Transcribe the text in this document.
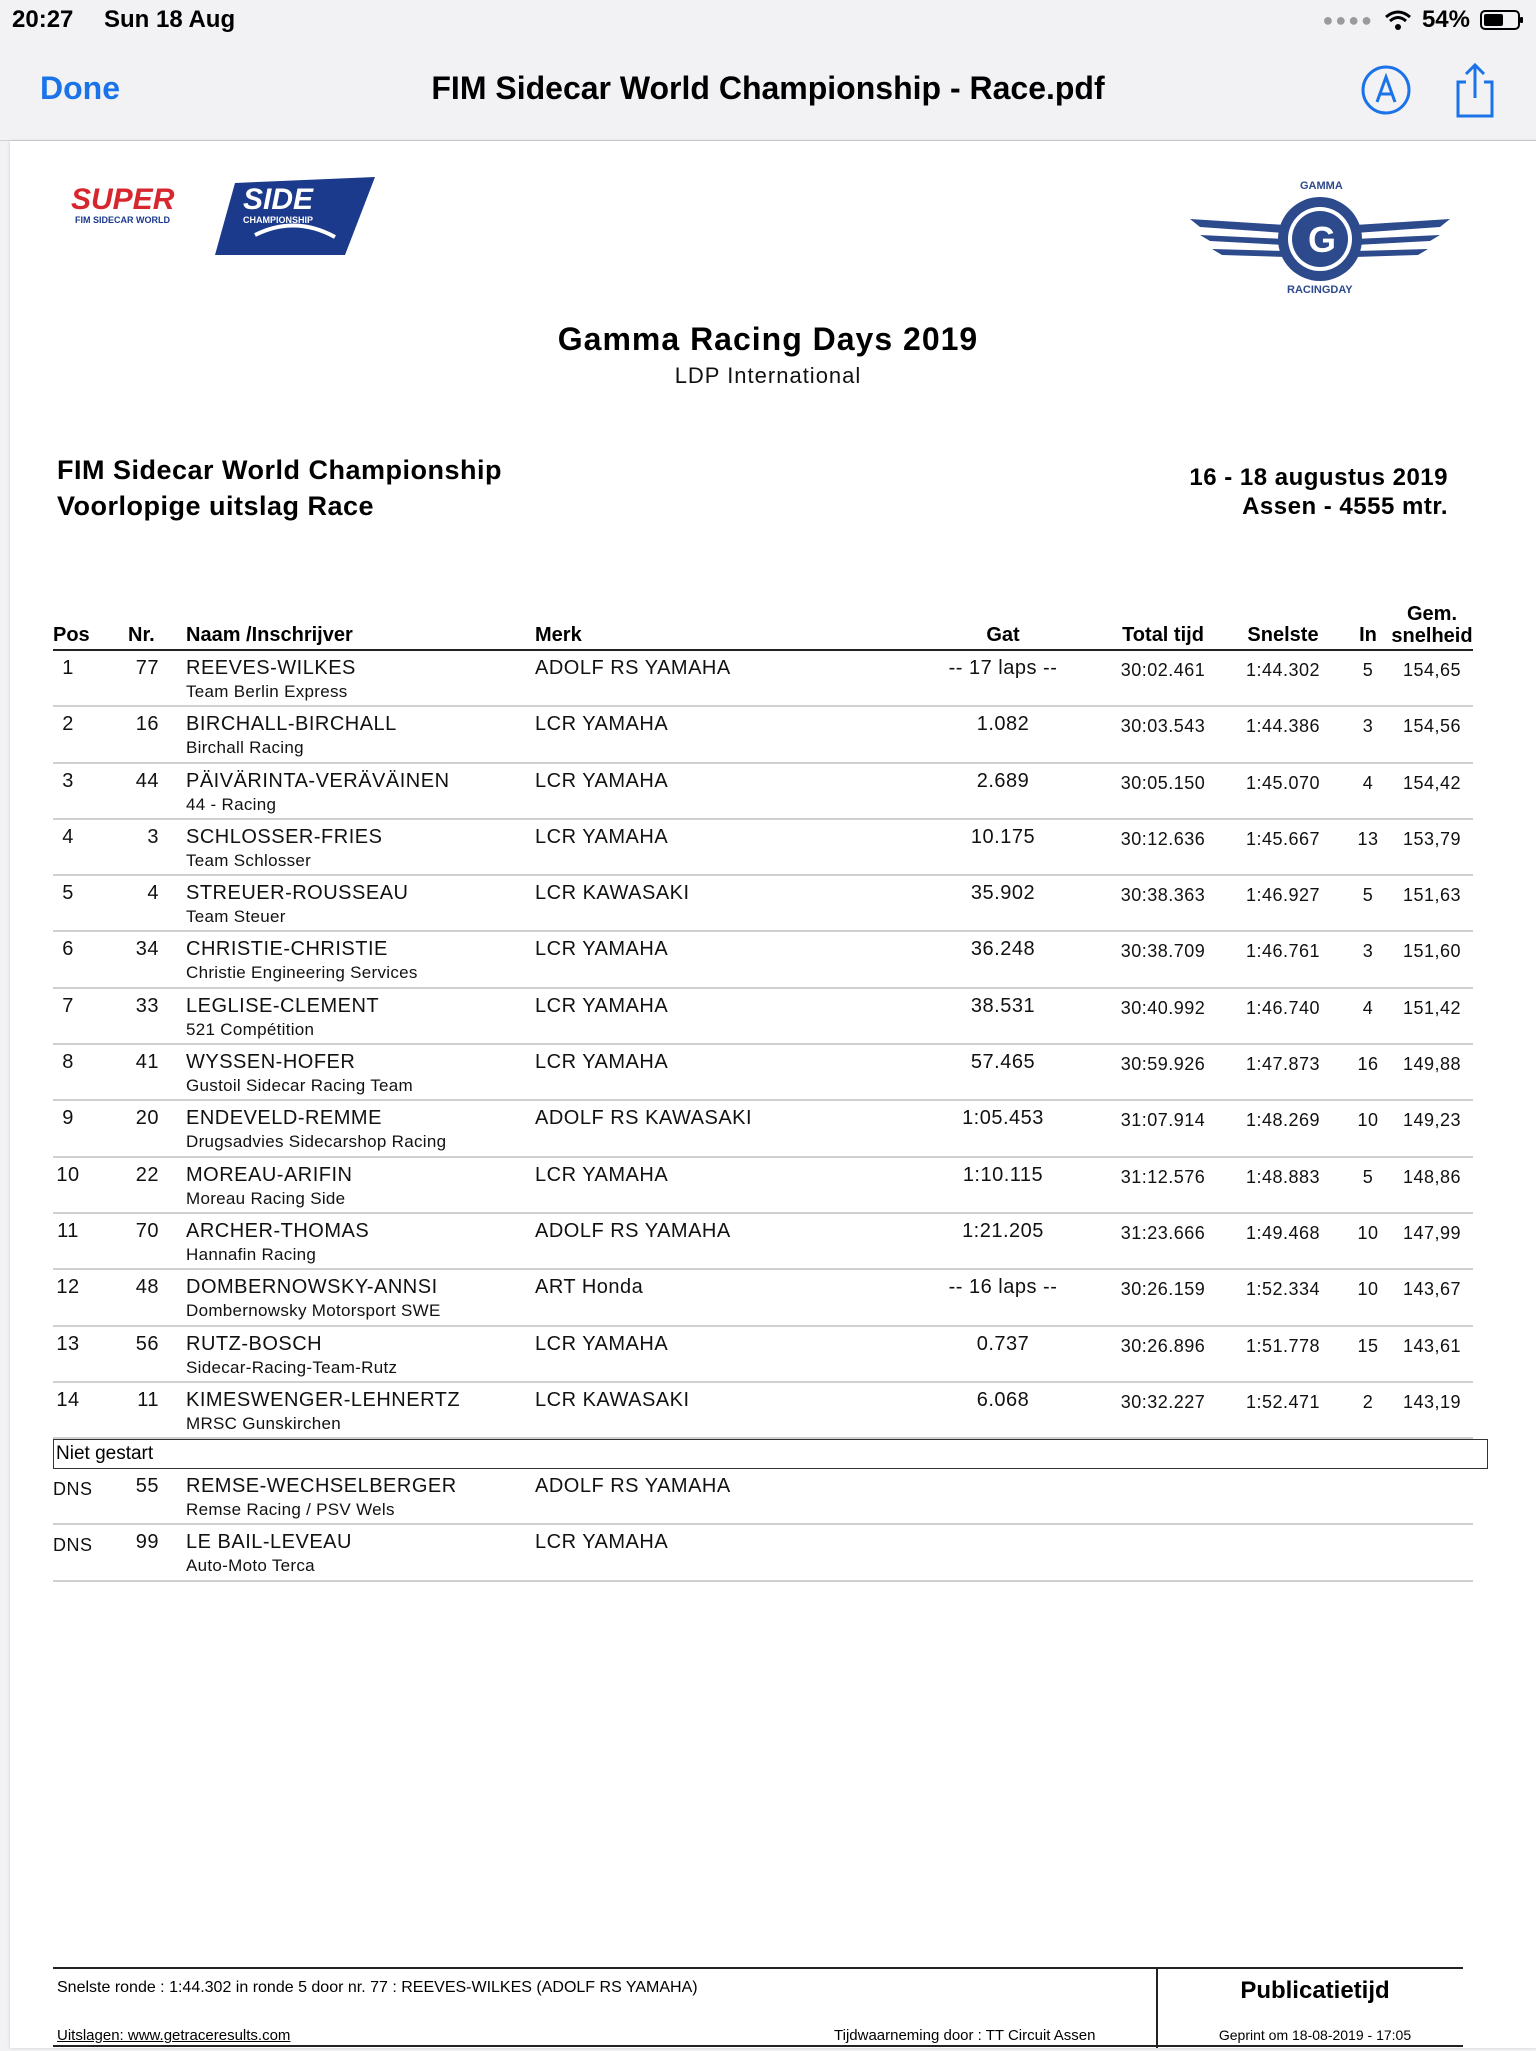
20:27 Sun 18 Aug	●●●● 54%
Done	FIM Sidecar World Championship - Race.pdf
SUPER SIDE
FIM SIDECAR WORLD	CHAMPIONSHIP	G
GAMMA
RACINGDAY
Gamma Racing Days 2019
LDP International
FIM Sidecar World Championship
Voorlopige uitslag Race
16 - 18 augustus 2019
Assen - 4555 mtr.
Pos Nr. Naam /Inschrijver	Merk	Gat	Total tijd	Snelste	In
Gem.
snelheid
1	77 REEVES-WILKES
Team Berlin Express
ADOLF RS YAMAHA	-- 17 laps --	30:02.461	1:44.302	5	154,65
2	16 BIRCHALL-BIRCHALL
Birchall Racing
LCR YAMAHA	1.082	30:03.543	1:44.386	3	154,56
3	44 PÄIVÄRINTA-VERÄVÄINEN
44 - Racing
LCR YAMAHA	2.689	30:05.150	1:45.070	4	154,42
4	3 SCHLOSSER-FRIES
Team Schlosser
LCR YAMAHA	10.175	30:12.636	1:45.667	13	153,79
5	4 STREUER-ROUSSEAU
Team Steuer
LCR KAWASAKI	35.902	30:38.363	1:46.927	5	151,63
6	34 CHRISTIE-CHRISTIE
Christie Engineering Services
LCR YAMAHA	36.248	30:38.709	1:46.761	3	151,60
7	33 LEGLISE-CLEMENT
521 Compétition
LCR YAMAHA	38.531	30:40.992	1:46.740	4	151,42
8	41 WYSSEN-HOFER
Gustoil Sidecar Racing Team
LCR YAMAHA	57.465	30:59.926	1:47.873	16	149,88
9	20 ENDEVELD-REMME
Drugsadvies Sidecarshop Racing
ADOLF RS KAWASAKI	1:05.453	31:07.914	1:48.269	10	149,23
10	22 MOREAU-ARIFIN
Moreau Racing Side
LCR YAMAHA	1:10.115	31:12.576	1:48.883	5	148,86
11	70 ARCHER-THOMAS
Hannafin Racing
ADOLF RS YAMAHA	1:21.205	31:23.666	1:49.468	10	147,99
12	48 DOMBERNOWSKY-ANNSI
Dombernowsky Motorsport SWE
ART Honda	-- 16 laps --	30:26.159	1:52.334	10	143,67
13	56 RUTZ-BOSCH
Sidecar-Racing-Team-Rutz
LCR YAMAHA	0.737	30:26.896	1:51.778	15	143,61
14	11 KIMESWENGER-LEHNERTZ
MRSC Gunskirchen
LCR KAWASAKI	6.068	30:32.227	1:52.471	2	143,19
Niet gestart
DNS	55 REMSE-WECHSELBERGER
Remse Racing / PSV Wels
ADOLF RS YAMAHA
DNS	99 LE BAIL-LEVEAU
Auto-Moto Terca
LCR YAMAHA
Snelste ronde : 1:44.302 in ronde 5 door nr. 77 : REEVES-WILKES (ADOLF RS YAMAHA)	Publicatietijd
Uitslagen: www.getraceresults.com	Tijdwaarneming door : TT Circuit Assen	Geprint om 18-08-2019 - 17:05
